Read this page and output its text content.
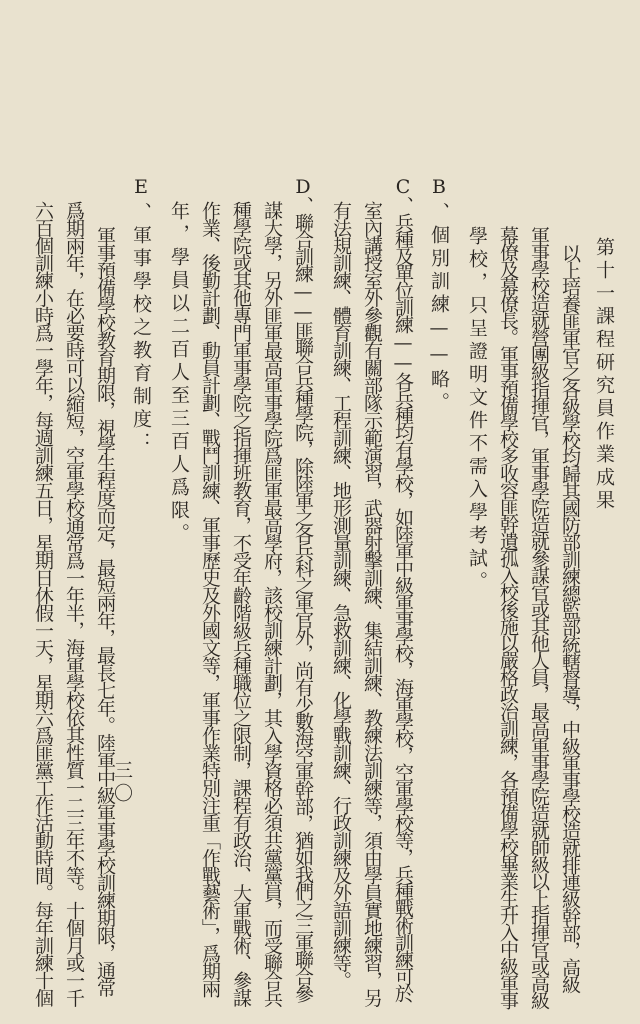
第十一課程研究員作業成果
三〇	以上培養匪軍官之各級學校均歸其國防部訓練總監部統轄督導，中級軍事學校造就排連級幹部，高級

軍事學校造就營團級指揮官，軍事學院造就參謀官或其他人員，最高軍事學院造就師級以上指揮官或高級

幕僚及幕僚長。軍事預備學校多收容匪幹遺孤入校後施以嚴格政治訓練，各預備學校畢業生升入中級軍事

學校，只呈證明文件不需入學考試。

B、個別訓練——略。

C、兵種及單位訓練——各兵種均有學校，如陸軍中級軍事學校，海軍學校，空軍學校等，兵種戰術訓練可於

室內講授室外參觀有關部隊示範演習，武器射擊訓練、集結訓練、教練法訓練等，須由學員實地練習，另

有法規訓練、體育訓練、工程訓練、地形測量訓練、急救訓練、化學戰訓練、行政訓練及外語訓練等。

D、聯合訓練——匪聯合兵種學院，除陸軍之各兵科之軍官外，尚有少數海空軍幹部，猶如我們之三軍聯合參

謀大學，另外匪軍最高軍事學院爲匪軍最高學府，該校訓練計劃，其入學資格必須共黨黨員，而受聯合兵

種學院或其他專門軍事學院之指揮班教育，不受年齡階級兵種職位之限制，課程有政治、大軍戰術、參謀

作業、後勤計劃、動員計劃、戰鬥訓練、軍事歷史及外國文等，軍事作業特別注重「作戰藝術」，爲期兩

年，學員以二百人至三百人爲限。

E、軍事學校之教育制度：

軍事預備學校教育期限，視學生程度而定，最短兩年，最長七年。陸軍中級軍事學校訓練期限，通常

爲期兩年，在必要時可以縮短，空軍學校通常爲一年半，海軍學校依其性質一二三年不等。十個月或一千

六百個訓練小時爲一學年，每週訓練五日，星期日休假一天，星期六爲匪黨工作活動時間。每年訓練十個
